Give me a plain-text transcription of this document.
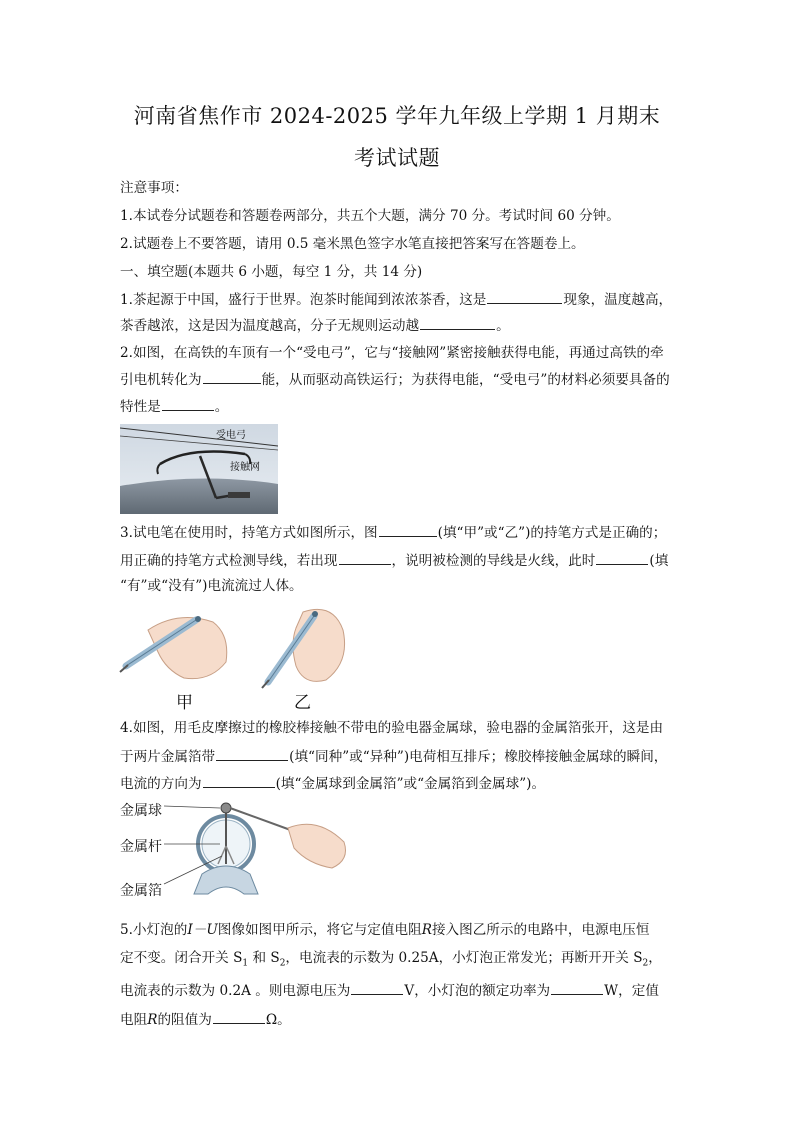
河南省焦作市 2024-2025 学年九年级上学期 1 月期末
考试试题
注意事项：
1.本试卷分试题卷和答题卷两部分，共五个大题，满分 70 分。考试时间 60 分钟。
2.试题卷上不要答题，请用 0.5 毫米黑色签字水笔直接把答案写在答题卷上。
一、填空题(本题共 6 小题，每空 1 分，共 14 分)
1.茶起源于中国，盛行于世界。泡茶时能闻到浓浓茶香，这是	现象，温度越高，
茶香越浓，这是因为温度越高，分子无规则运动越	。
2.如图，在高铁的车顶有一个“受电弓”，它与“接触网”紧密接触获得电能，再通过高铁的牵
引电机转化为	能，从而驱动高铁运行；为获得电能，“受电弓”的材料必须要具备的
特性是	。
受电弓
接触网
3.试电笔在使用时，持笔方式如图所示，图	(填“甲”或“乙”)的持笔方式是正确的；
用正确的持笔方式检测导线，若出现	，说明被检测的导线是火线，此时	(填
“有”或“没有”)电流流过人体。
甲	乙
4.如图，用毛皮摩擦过的橡胶棒接触不带电的验电器金属球，验电器的金属箔张开，这是由
于两片金属箔带	(填“同种”或“异种”)电荷相互排斥；橡胶棒接触金属球的瞬间，
电流的方向为	(填“金属球到金属箔”或“金属箔到金属球”)。
金属球
金属杆
金属箔
5.小灯泡的I－U图像如图甲所示，将它与定值电阻R接入图乙所示的电路中，电源电压恒
定不变。闭合开关 $S_1$ 和 $S_2$，电流表的示数为 0.25A，小灯泡正常发光；再断开开关 $S_2$，
电流表的示数为 0.2A 。则电源电压为	V，小灯泡的额定功率为	W，定值
电阻R的阻值为	Ω。
